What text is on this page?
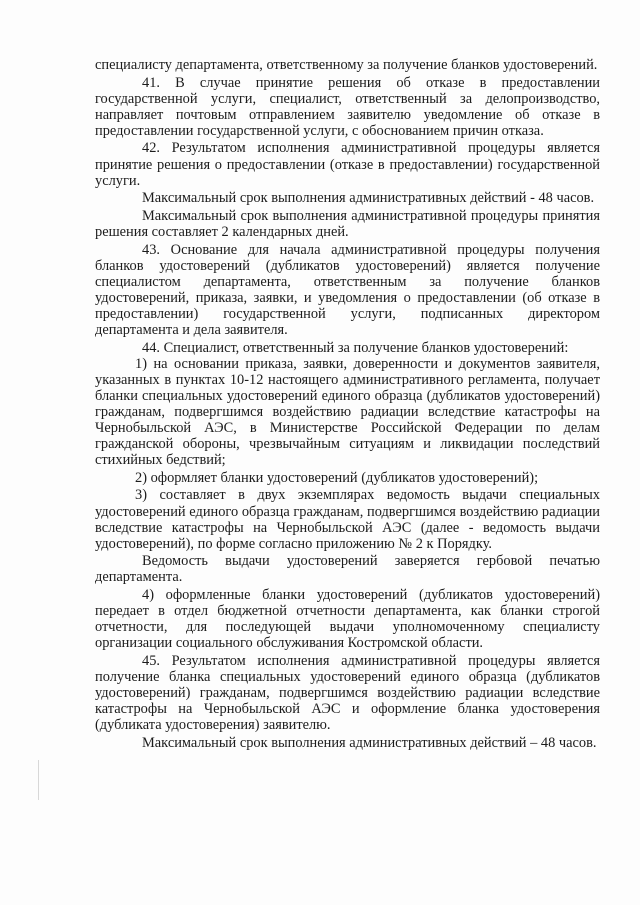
специалисту департамента, ответственному за получение бланков удостоверений.

41. В случае принятие решения об отказе в предоставлении государственной услуги, специалист, ответственный за делопроизводство, направляет почтовым отправлением заявителю уведомление об отказе в предоставлении государственной услуги, с обоснованием причин отказа.

42. Результатом исполнения административной процедуры является принятие решения о предоставлении (отказе в предоставлении) государственной услуги.

Максимальный срок выполнения административных действий - 48 часов.

Максимальный срок выполнения административной процедуры принятия решения составляет 2 календарных дней.

43. Основание для начала административной процедуры получения бланков удостоверений (дубликатов удостоверений) является получение специалистом департамента, ответственным за получение бланков удостоверений, приказа, заявки, и уведомления о предоставлении (об отказе в предоставлении) государственной услуги, подписанных директором департамента и дела заявителя.

44. Специалист, ответственный за получение бланков удостоверений:

1) на основании приказа, заявки, доверенности и документов заявителя, указанных в пунктах 10-12 настоящего административного регламента, получает бланки специальных удостоверений единого образца (дубликатов удостоверений) гражданам, подвергшимся воздействию радиации вследствие катастрофы на Чернобыльской АЭС, в Министерстве Российской Федерации по делам гражданской обороны, чрезвычайным ситуациям и ликвидации последствий стихийных бедствий;

2) оформляет бланки удостоверений (дубликатов удостоверений);

3) составляет в двух экземплярах ведомость выдачи специальных удостоверений единого образца гражданам, подвергшимся воздействию радиации вследствие катастрофы на Чернобыльской АЭС (далее - ведомость выдачи удостоверений), по форме согласно приложению № 2 к Порядку.

Ведомость выдачи удостоверений заверяется гербовой печатью департамента.

4) оформленные бланки удостоверений (дубликатов удостоверений) передает в отдел бюджетной отчетности департамента, как бланки строгой отчетности, для последующей выдачи уполномоченному специалисту организации социального обслуживания Костромской области.

45. Результатом исполнения административной процедуры является получение бланка специальных удостоверений единого образца (дубликатов удостоверений) гражданам, подвергшимся воздействию радиации вследствие катастрофы на Чернобыльской АЭС и оформление бланка удостоверения (дубликата удостоверения) заявителю.

Максимальный срок выполнения административных действий – 48 часов.
